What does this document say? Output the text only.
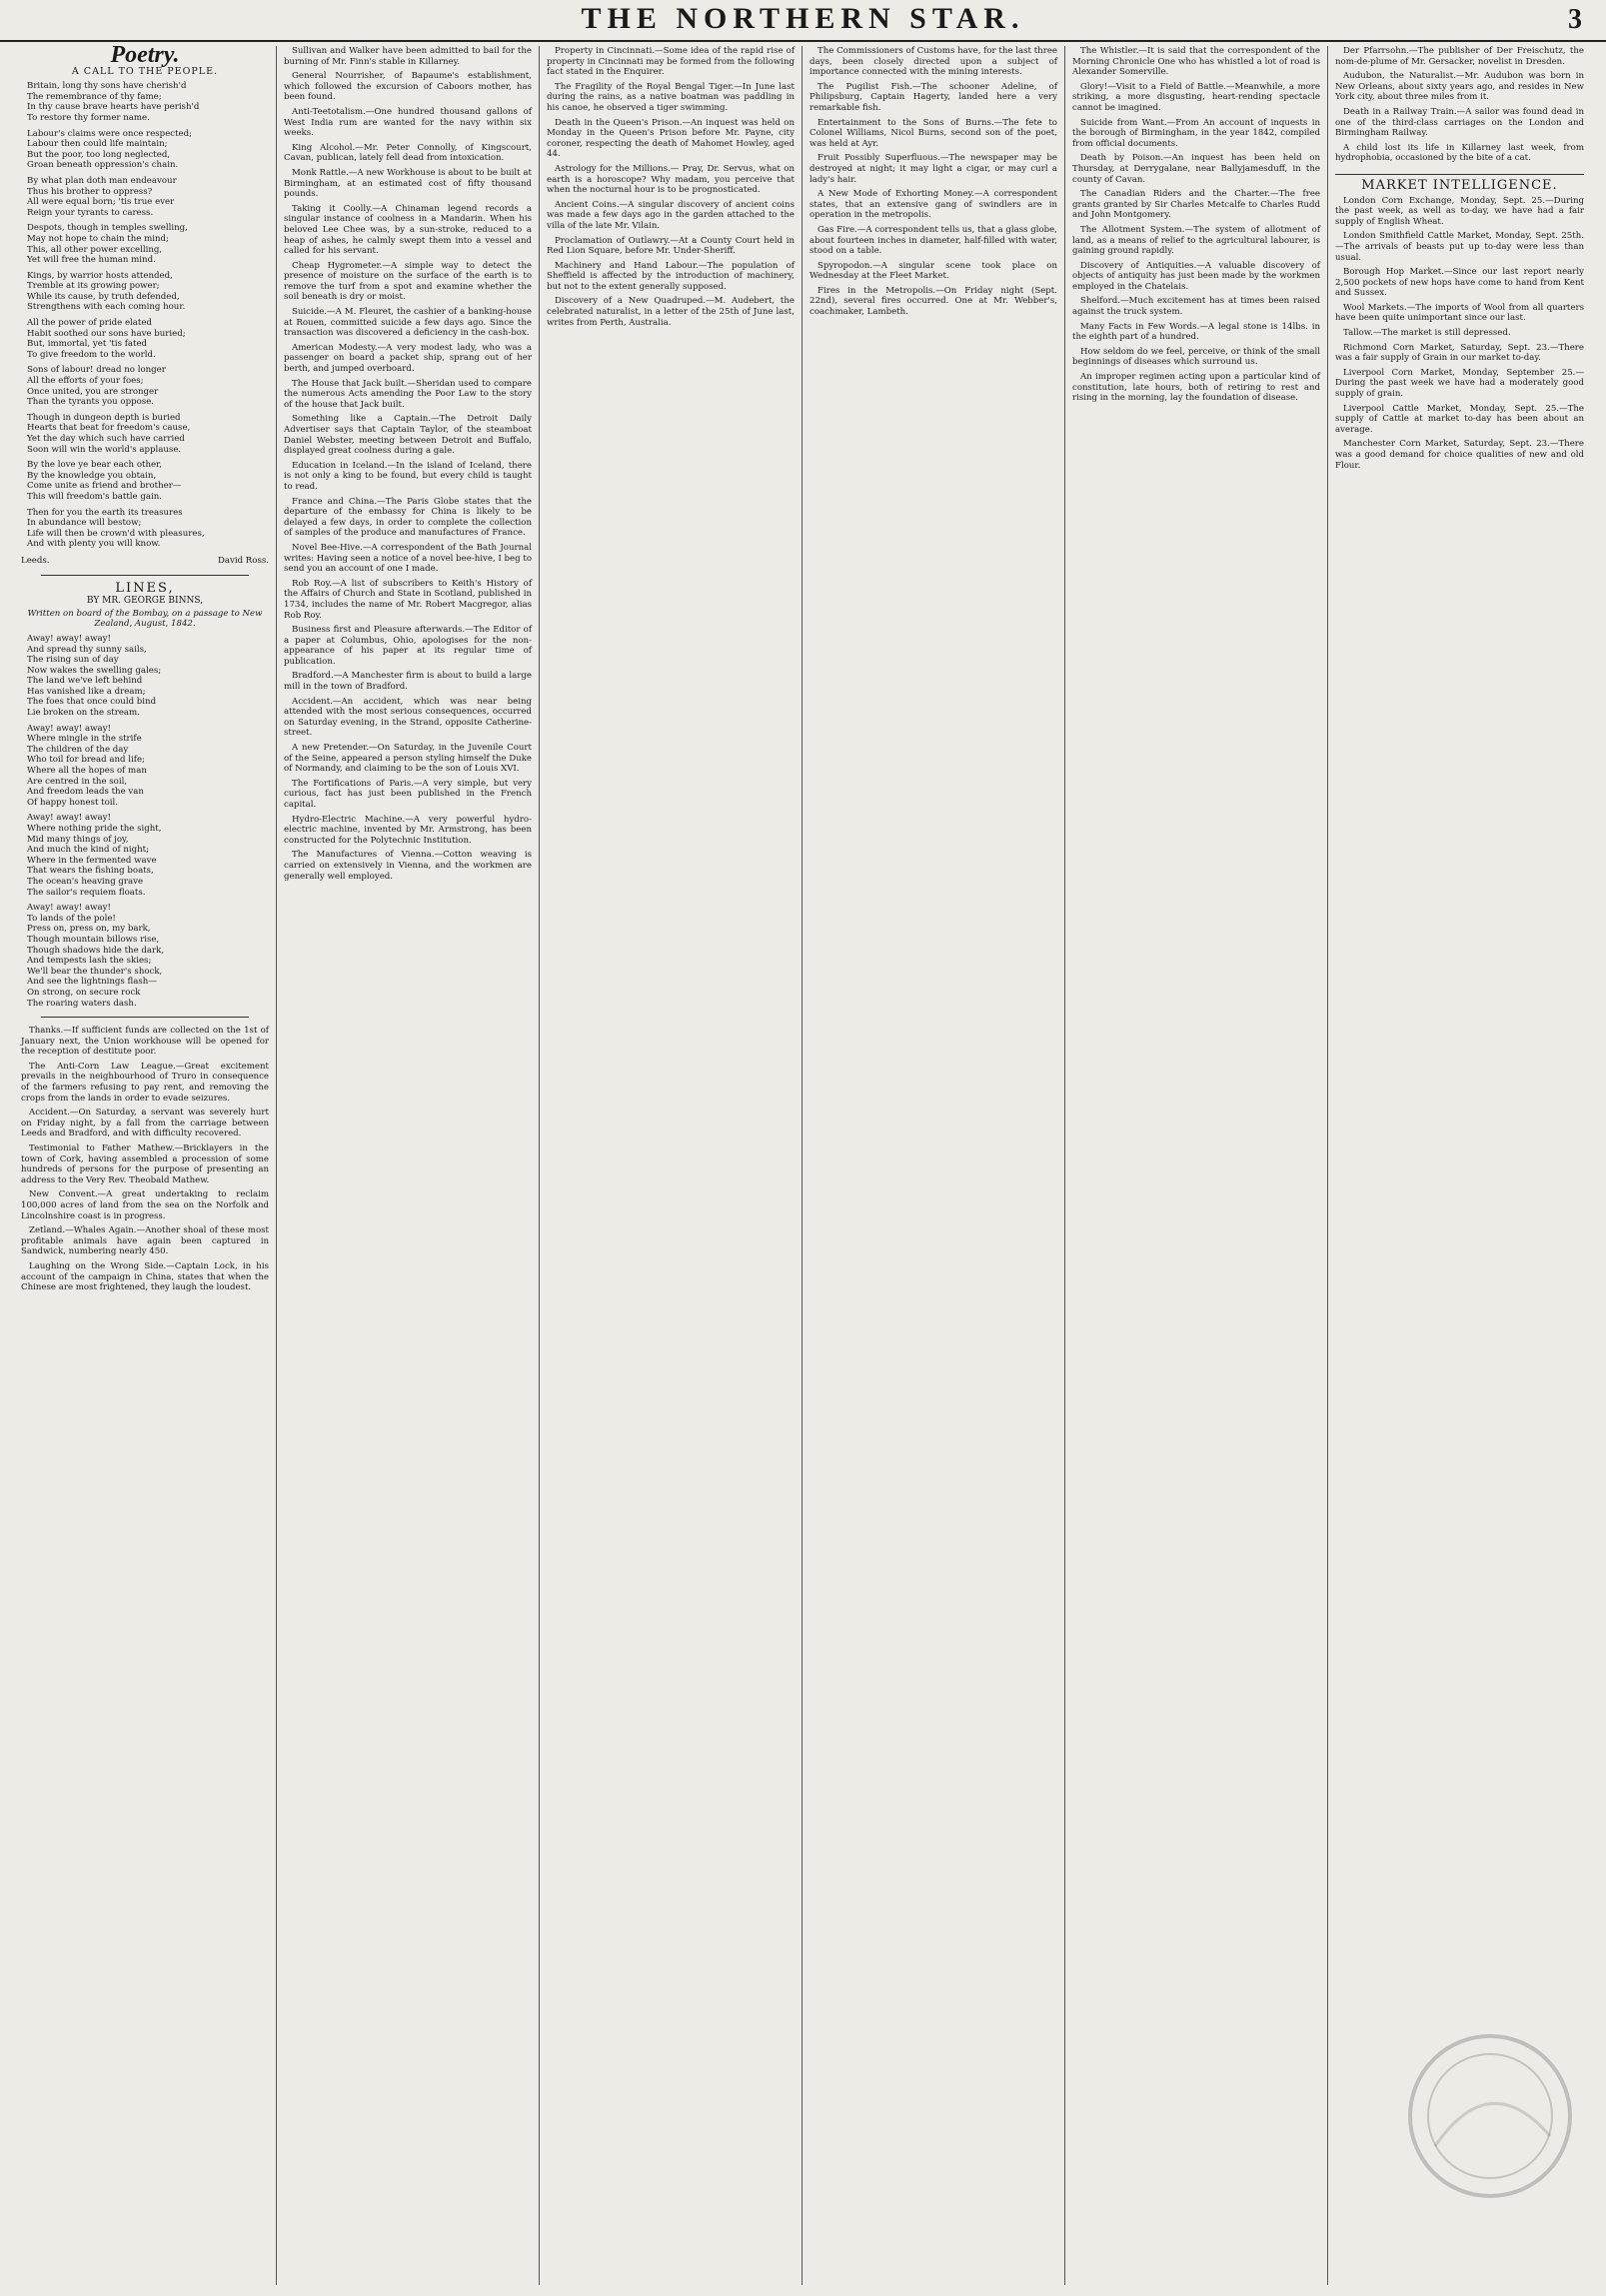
THE NORTHERN STAR.	3
Poetry.
A CALL TO THE PEOPLE.

Britain, long thy sons have cherish'd

The remembrance of thy fame;

In thy cause brave hearts have perish'd

To restore thy former name.

Labour's claims were once respected;

Labour then could life maintain;

But the poor, too long neglected,

Groan beneath oppression's chain.

By what plan doth man endeavour

Thus his brother to oppress?

All were equal born; 'tis true ever

Reign your tyrants to caress.

Despots, though in temples swelling,

May not hope to chain the mind;

This, all other power excelling,

Yet will free the human mind.

Kings, by warrior hosts attended,

Tremble at its growing power;

While its cause, by truth defended,

Strengthens with each coming hour.

All the power of pride elated

Habit soothed our sons have buried;

But, immortal, yet 'tis fated

To give freedom to the world.

Sons of labour! dread no longer

All the efforts of your foes;

Once united, you are stronger

Than the tyrants you oppose.

Though in dungeon depth is buried

Hearts that beat for freedom's cause,

Yet the day which such have carried

Soon will win the world's applause.

By the love ye bear each other,

By the knowledge you obtain,

Come unite as friend and brother—

This will freedom's battle gain.

Then for you the earth its treasures

In abundance will bestow;

Life will then be crown'd with pleasures,

And with plenty you will know.

Leeds.	David Ross.
LINES,
BY MR. GEORGE BINNS,
Written on board of the Bombay, on a passage to New Zealand, August, 1842.

Away! away! away!

And spread thy sunny sails,

The rising sun of day

Now wakes the swelling gales;

The land we've left behind

Has vanished like a dream;

The foes that once could bind

Lie broken on the stream.

Away! away! away!

Where mingle in the strife

The children of the day

Who toil for bread and life;

Where all the hopes of man

Are centred in the soil,

And freedom leads the van

Of happy honest toil.

Away! away! away!

Where nothing pride the sight,

Mid many things of joy,

And much the kind of night;

Where in the fermented wave

That wears the fishing boats,

The ocean's heaving grave

The sailor's requiem floats.

Away! away! away!

To lands of the pole!

Press on, press on, my bark,

Though mountain billows rise,

Though shadows hide the dark,

And tempests lash the skies;

We'll bear the thunder's shock,

And see the lightnings flash—

On strong, on secure rock

The roaring waters dash.

Thanks.—If sufficient funds are collected on the 1st of January next, the Union workhouse will be opened for the reception of destitute poor.

The Anti-Corn Law League.—Great excitement prevails in the neighbourhood of Truro in consequence of the farmers refusing to pay rent, and removing the crops from the lands in order to evade seizures.

Accident.—On Saturday, a servant was severely hurt on Friday night, by a fall from the carriage between Leeds and Bradford, and with difficulty recovered.

Testimonial to Father Mathew.—Bricklayers in the town of Cork, having assembled a procession of some hundreds of persons for the purpose of presenting an address to the Very Rev. Theobald Mathew.

New Convent.—A great undertaking to reclaim 100,000 acres of land from the sea on the Norfolk and Lincolnshire coast is in progress.

Zetland.—Whales Again.—Another shoal of these most profitable animals have again been captured in Sandwick, numbering nearly 450.

Laughing on the Wrong Side.—Captain Lock, in his account of the campaign in China, states that when the Chinese are most frightened, they laugh the loudest.

Sullivan and Walker have been admitted to bail for the burning of Mr. Finn's stable in Killarney.

General Nourrisher, of Bapaume's establishment, which followed the excursion of Caboors mother, has been found.

Anti-Teetotalism.—One hundred thousand gallons of West India rum are wanted for the navy within six weeks.

King Alcohol.—Mr. Peter Connolly, of Kingscourt, Cavan, publican, lately fell dead from intoxication.

Monk Rattle.—A new Workhouse is about to be built at Birmingham, at an estimated cost of fifty thousand pounds.

Taking it Coolly.—A Chinaman legend records a singular instance of coolness in a Mandarin. When his beloved Lee Chee was, by a sun-stroke, reduced to a heap of ashes, he calmly swept them into a vessel and called for his servant.

Cheap Hygrometer.—A simple way to detect the presence of moisture on the surface of the earth is to remove the turf from a spot and examine whether the soil beneath is dry or moist.

Suicide.—A M. Fleuret, the cashier of a banking-house at Rouen, committed suicide a few days ago. Since the transaction was discovered a deficiency in the cash-box.

American Modesty.—A very modest lady, who was a passenger on board a packet ship, sprang out of her berth, and jumped overboard.

The House that Jack built.—Sheridan used to compare the numerous Acts amending the Poor Law to the story of the house that Jack built.

Something like a Captain.—The Detroit Daily Advertiser says that Captain Taylor, of the steamboat Daniel Webster, meeting between Detroit and Buffalo, displayed great coolness during a gale.

Education in Iceland.—In the island of Iceland, there is not only a king to be found, but every child is taught to read.

France and China.—The Paris Globe states that the departure of the embassy for China is likely to be delayed a few days, in order to complete the collection of samples of the produce and manufactures of France.

Novel Bee-Hive.—A correspondent of the Bath Journal writes: Having seen a notice of a novel bee-hive, I beg to send you an account of one I made.

Rob Roy.—A list of subscribers to Keith's History of the Affairs of Church and State in Scotland, published in 1734, includes the name of Mr. Robert Macgregor, alias Rob Roy.

Business first and Pleasure afterwards.—The Editor of a paper at Columbus, Ohio, apologises for the non-appearance of his paper at its regular time of publication.

Bradford.—A Manchester firm is about to build a large mill in the town of Bradford.

Accident.—An accident, which was near being attended with the most serious consequences, occurred on Saturday evening, in the Strand, opposite Catherine-street.

A new Pretender.—On Saturday, in the Juvenile Court of the Seine, appeared a person styling himself the Duke of Normandy, and claiming to be the son of Louis XVI.

The Fortifications of Paris.—A very simple, but very curious, fact has just been published in the French capital.

Hydro-Electric Machine.—A very powerful hydro-electric machine, invented by Mr. Armstrong, has been constructed for the Polytechnic Institution.

The Manufactures of Vienna.—Cotton weaving is carried on extensively in Vienna, and the workmen are generally well employed.

Property in Cincinnati.—Some idea of the rapid rise of property in Cincinnati may be formed from the following fact stated in the Enquirer.

The Fragility of the Royal Bengal Tiger.—In June last during the rains, as a native boatman was paddling in his canoe, he observed a tiger swimming.

Death in the Queen's Prison.—An inquest was held on Monday in the Queen's Prison before Mr. Payne, city coroner, respecting the death of Mahomet Howley, aged 44.

Astrology for the Millions.— Pray, Dr. Servus, what on earth is a horoscope? Why madam, you perceive that when the nocturnal hour is to be prognosticated.

Ancient Coins.—A singular discovery of ancient coins was made a few days ago in the garden attached to the villa of the late Mr. Vilain.

Proclamation of Outlawry.—At a County Court held in Red Lion Square, before Mr. Under-Sheriff.

Machinery and Hand Labour.—The population of Sheffield is affected by the introduction of machinery, but not to the extent generally supposed.

Discovery of a New Quadruped.—M. Audebert, the celebrated naturalist, in a letter of the 25th of June last, writes from Perth, Australia.

The Commissioners of Customs have, for the last three days, been closely directed upon a subject of importance connected with the mining interests.

The Pugilist Fish.—The schooner Adeline, of Philipsburg, Captain Hagerty, landed here a very remarkable fish.

Entertainment to the Sons of Burns.—The fete to Colonel Williams, Nicol Burns, second son of the poet, was held at Ayr.

Fruit Possibly Superfluous.—The newspaper may be destroyed at night; it may light a cigar, or may curl a lady's hair.

A New Mode of Exhorting Money.—A correspondent states, that an extensive gang of swindlers are in operation in the metropolis.

Gas Fire.—A correspondent tells us, that a glass globe, about fourteen inches in diameter, half-filled with water, stood on a table.

Spyropodon.—A singular scene took place on Wednesday at the Fleet Market.

Fires in the Metropolis.—On Friday night (Sept. 22nd), several fires occurred. One at Mr. Webber's, coachmaker, Lambeth.

The Whistler.—It is said that the correspondent of the Morning Chronicle One who has whistled a lot of road is Alexander Somerville.

Glory!—Visit to a Field of Battle.—Meanwhile, a more striking, a more disgusting, heart-rending spectacle cannot be imagined.

Suicide from Want.—From An account of inquests in the borough of Birmingham, in the year 1842, compiled from official documents.

Death by Poison.—An inquest has been held on Thursday, at Derrygalane, near Ballyjamesduff, in the county of Cavan.

The Canadian Riders and the Charter.—The free grants granted by Sir Charles Metcalfe to Charles Rudd and John Montgomery.

The Allotment System.—The system of allotment of land, as a means of relief to the agricultural labourer, is gaining ground rapidly.

Discovery of Antiquities.—A valuable discovery of objects of antiquity has just been made by the workmen employed in the Chatelais.

Shelford.—Much excitement has at times been raised against the truck system.

Many Facts in Few Words.—A legal stone is 14lbs. in the eighth part of a hundred.

How seldom do we feel, perceive, or think of the small beginnings of diseases which surround us.

An improper regimen acting upon a particular kind of constitution, late hours, both of retiring to rest and rising in the morning, lay the foundation of disease.

Der Pfarrsohn.—The publisher of Der Freischutz, the nom-de-plume of Mr. Gersacker, novelist in Dresden.

Audubon, the Naturalist.—Mr. Audubon was born in New Orleans, about sixty years ago, and resides in New York city, about three miles from it.

Death in a Railway Train.—A sailor was found dead in one of the third-class carriages on the London and Birmingham Railway.

A child lost its life in Killarney last week, from hydrophobia, occasioned by the bite of a cat.

MARKET INTELLIGENCE.

London Corn Exchange, Monday, Sept. 25.—During the past week, as well as to-day, we have had a fair supply of English Wheat.

London Smithfield Cattle Market, Monday, Sept. 25th.—The arrivals of beasts put up to-day were less than usual.

Borough Hop Market.—Since our last report nearly 2,500 pockets of new hops have come to hand from Kent and Sussex.

Wool Markets.—The imports of Wool from all quarters have been quite unimportant since our last.

Tallow.—The market is still depressed.

Richmond Corn Market, Saturday, Sept. 23.—There was a fair supply of Grain in our market to-day.

Liverpool Corn Market, Monday, September 25.—During the past week we have had a moderately good supply of grain.

Liverpool Cattle Market, Monday, Sept. 25.—The supply of Cattle at market to-day has been about an average.

Manchester Corn Market, Saturday, Sept. 23.—There was a good demand for choice qualities of new and old Flour.
